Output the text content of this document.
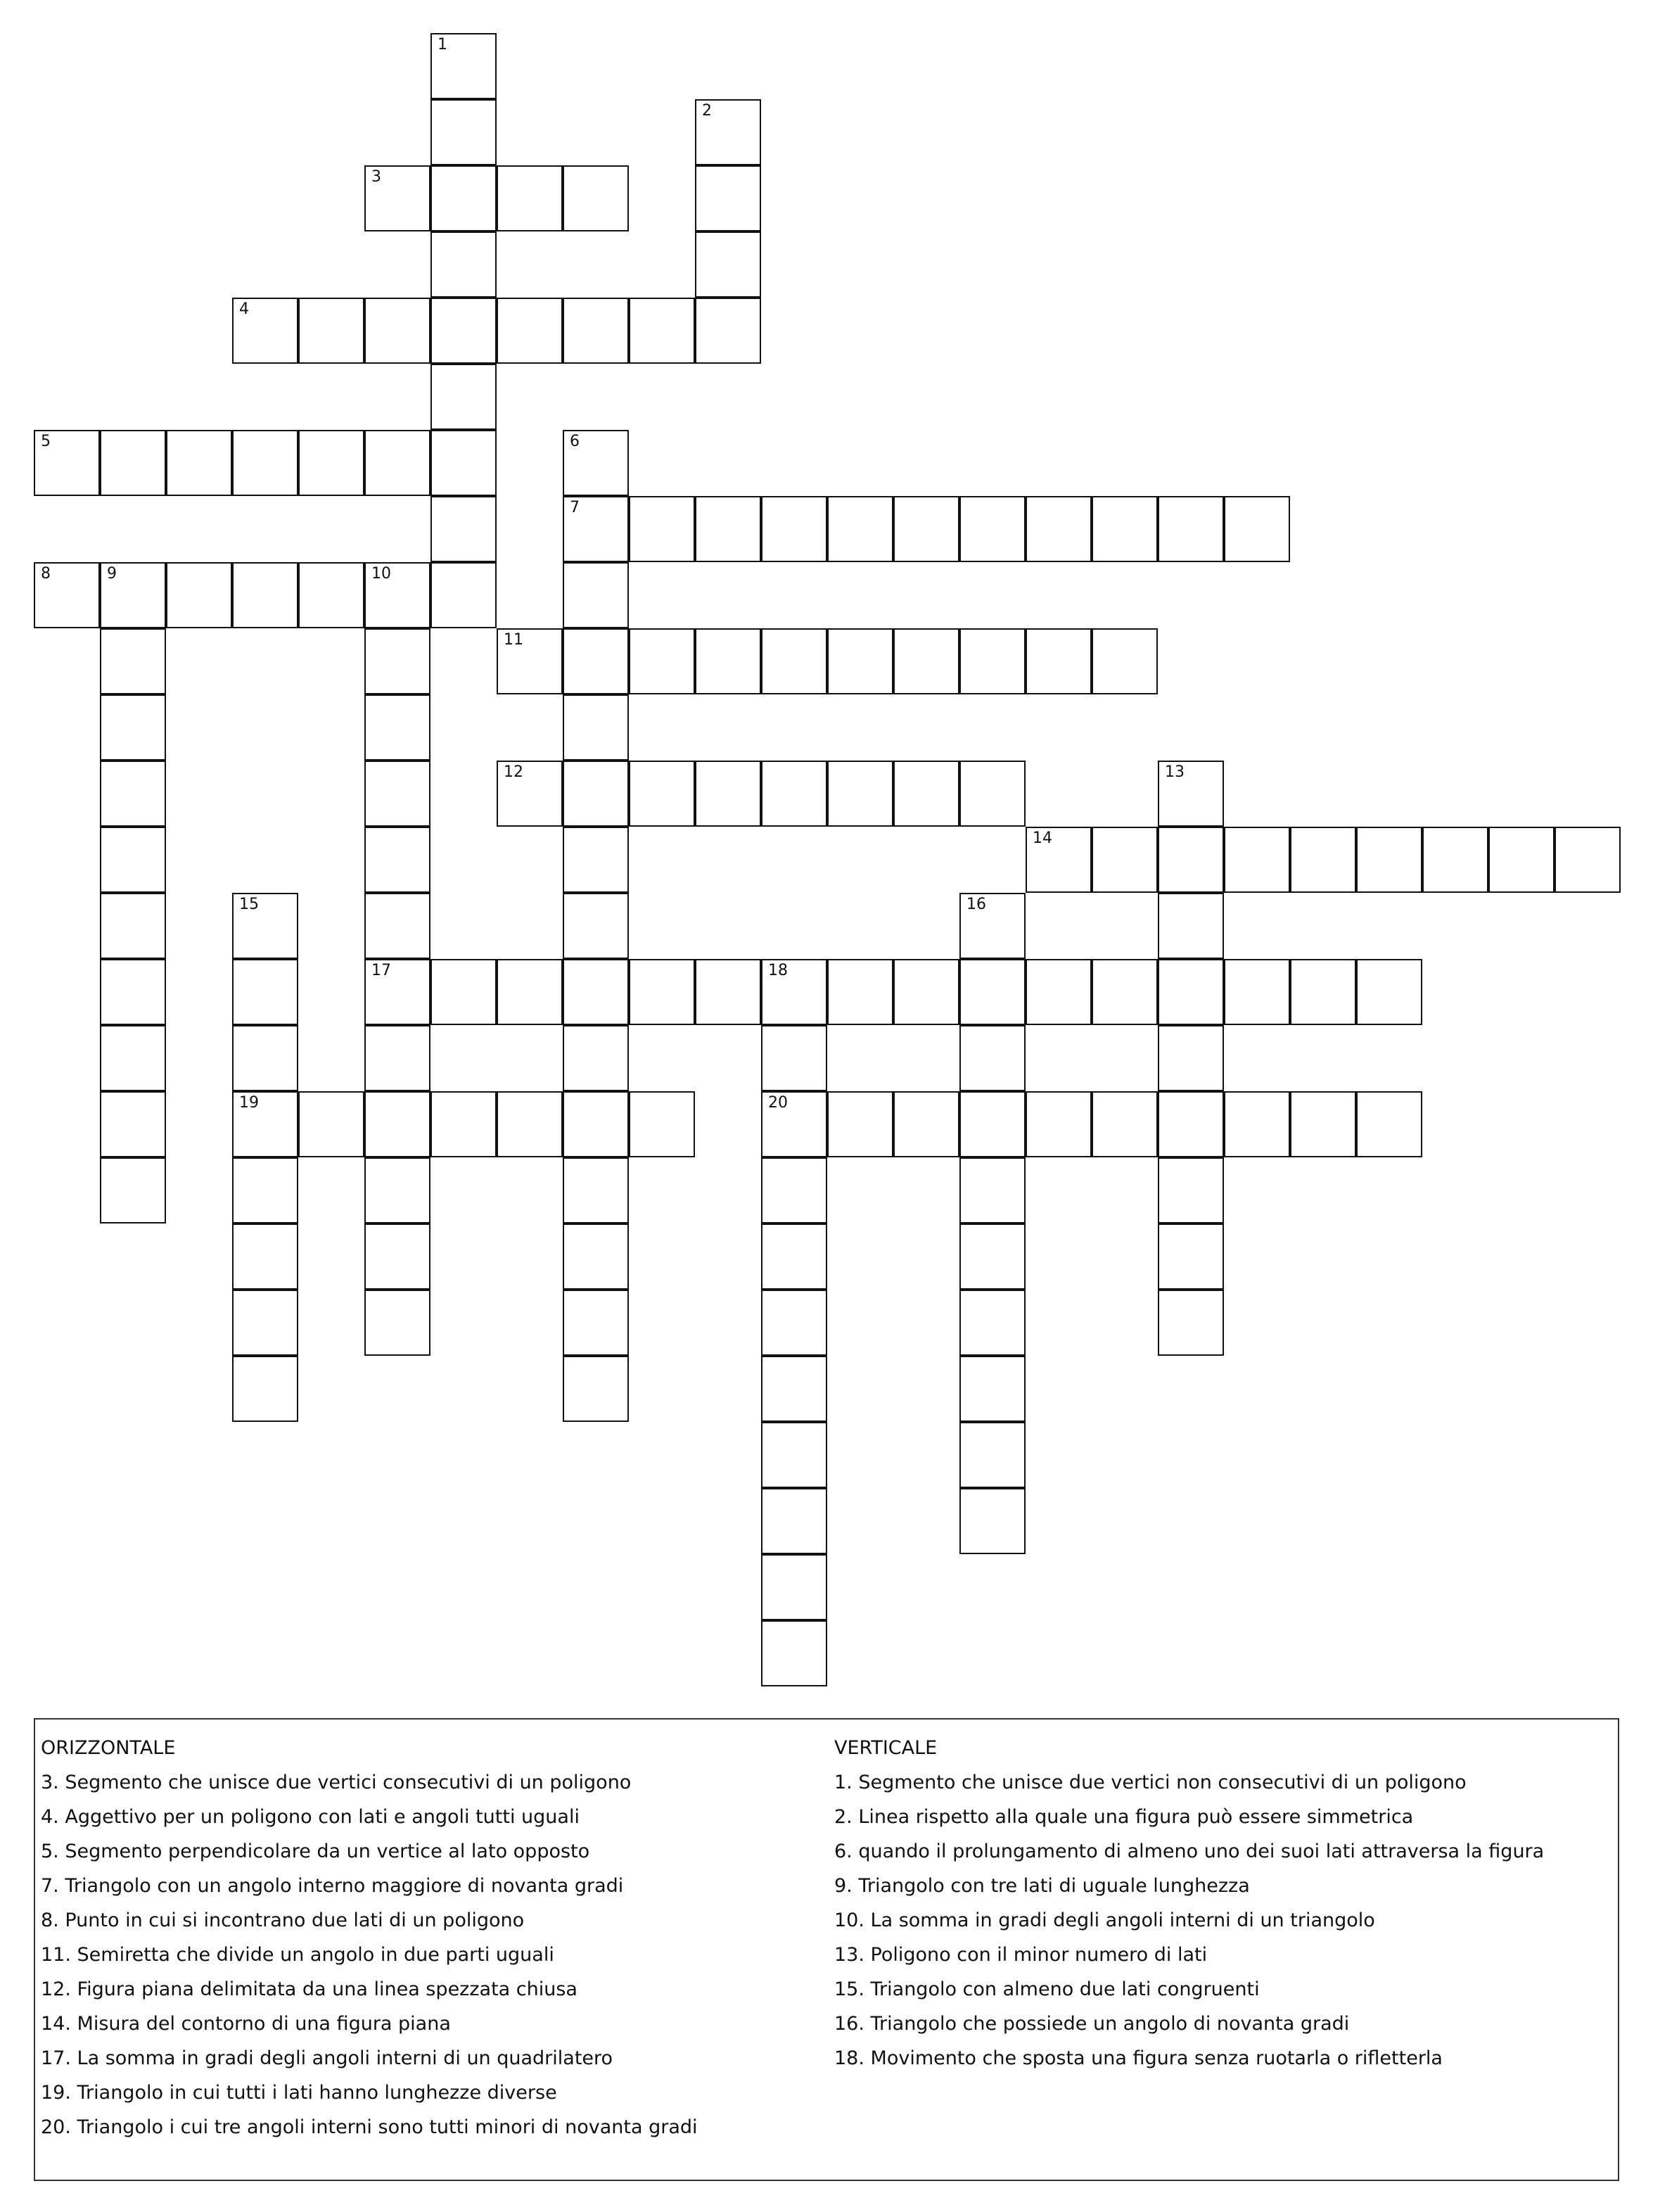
3
4
5
7
8	9	10
11
12
14
17	18
19	20
1
2
6
13
15	16
ORIZZONTALE
3. Segmento che unisce due vertici consecutivi di un poligono
4. Aggettivo per un poligono con lati e angoli tutti uguali
5. Segmento perpendicolare da un vertice al lato opposto
7. Triangolo con un angolo interno maggiore di novanta gradi
8. Punto in cui si incontrano due lati di un poligono
11. Semiretta che divide un angolo in due parti uguali
12. Figura piana delimitata da una linea spezzata chiusa
14. Misura del contorno di una figura piana
17. La somma in gradi degli angoli interni di un quadrilatero
19. Triangolo in cui tutti i lati hanno lunghezze diverse
20. Triangolo i cui tre angoli interni sono tutti minori di novanta gradi
VERTICALE
1. Segmento che unisce due vertici non consecutivi di un poligono
2. Linea rispetto alla quale una figura può essere simmetrica
6. quando il prolungamento di almeno uno dei suoi lati attraversa la figura
9. Triangolo con tre lati di uguale lunghezza
10. La somma in gradi degli angoli interni di un triangolo
13. Poligono con il minor numero di lati
15. Triangolo con almeno due lati congruenti
16. Triangolo che possiede un angolo di novanta gradi
18. Movimento che sposta una figura senza ruotarla o rifletterla
